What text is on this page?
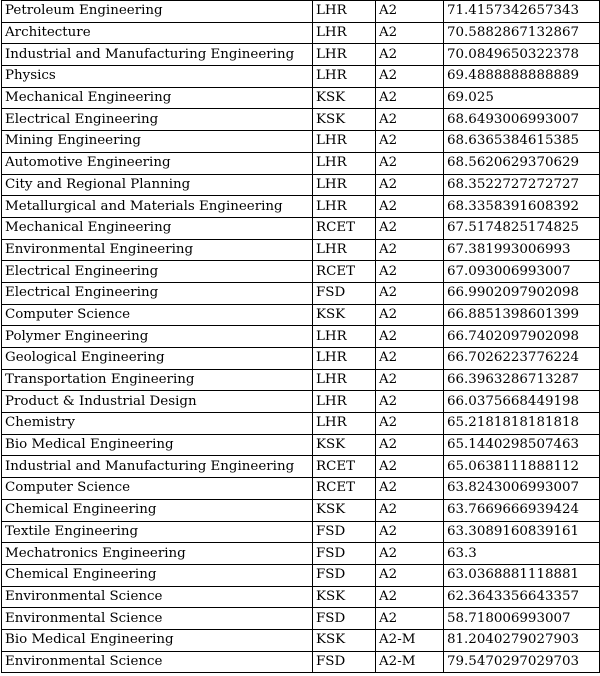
Petroleum Engineering	LHR	A2	71.4157342657343
Architecture	LHR	A2	70.5882867132867
Industrial and Manufacturing Engineering	LHR	A2	70.0849650322378
Physics	LHR	A2	69.4888888888889
Mechanical Engineering	KSK	A2	69.025
Electrical Engineering	KSK	A2	68.6493006993007
Mining Engineering	LHR	A2	68.6365384615385
Automotive Engineering	LHR	A2	68.5620629370629
City and Regional Planning	LHR	A2	68.3522727272727
Metallurgical and Materials Engineering	LHR	A2	68.3358391608392
Mechanical Engineering	RCET	A2	67.5174825174825
Environmental Engineering	LHR	A2	67.381993006993
Electrical Engineering	RCET	A2	67.093006993007
Electrical Engineering	FSD	A2	66.9902097902098
Computer Science	KSK	A2	66.8851398601399
Polymer Engineering	LHR	A2	66.7402097902098
Geological Engineering	LHR	A2	66.7026223776224
Transportation Engineering	LHR	A2	66.3963286713287
Product & Industrial Design	LHR	A2	66.0375668449198
Chemistry	LHR	A2	65.2181818181818
Bio Medical Engineering	KSK	A2	65.1440298507463
Industrial and Manufacturing Engineering	RCET	A2	65.0638111888112
Computer Science	RCET	A2	63.8243006993007
Chemical Engineering	KSK	A2	63.7669666939424
Textile Engineering	FSD	A2	63.3089160839161
Mechatronics Engineering	FSD	A2	63.3
Chemical Engineering	FSD	A2	63.0368881118881
Environmental Science	KSK	A2	62.3643356643357
Environmental Science	FSD	A2	58.718006993007
Bio Medical Engineering	KSK	A2-M	81.2040279027903
Environmental Science	FSD	A2-M	79.5470297029703
